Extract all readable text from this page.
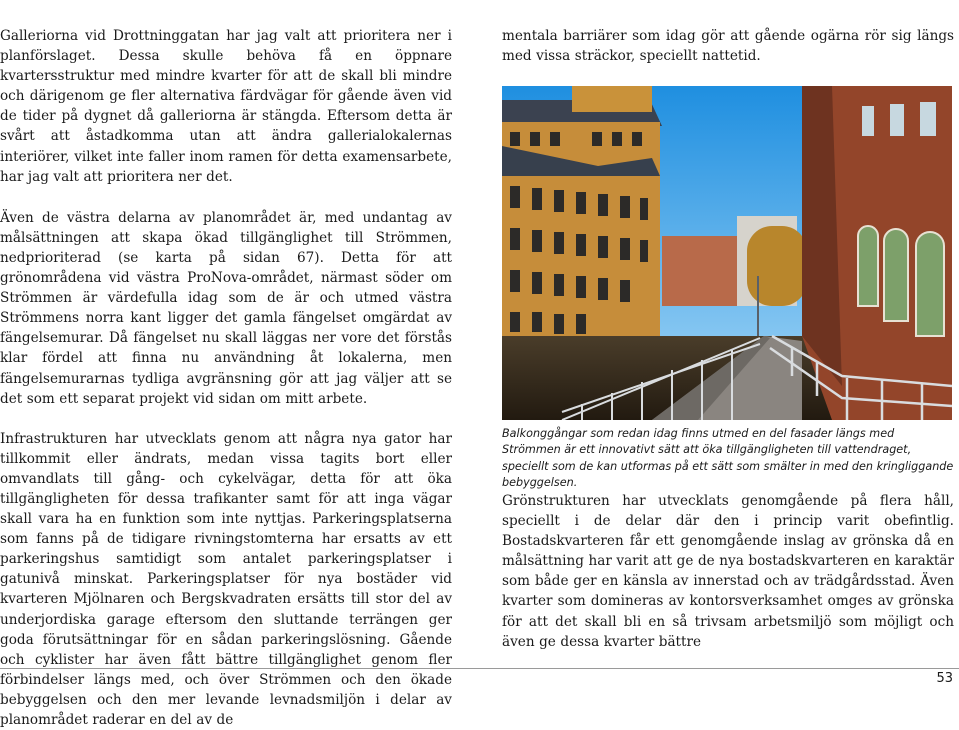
Galleriorna vid Drottninggatan har jag valt att prioritera ner i planförslaget. Dessa skulle behöva få en öppnare kvartersstruktur med mindre kvarter för att de skall bli mindre och därigenom ge fler alternativa färdvägar för gående även vid de tider på dygnet då galleriorna är stängda. Eftersom detta är svårt att åstadkomma utan att ändra gallerialokalernas interiörer, vilket inte faller inom ramen för detta examensarbete, har jag valt att prioritera ner det.

Även de västra delarna av planområdet är, med undantag av målsättningen att skapa ökad tillgänglighet till Strömmen, nedprioriterad (se karta på sidan 67). Detta för att grönområdena vid västra ProNova-området, närmast söder om Strömmen är värdefulla idag som de är och utmed västra Strömmens norra kant ligger det gamla fängelset omgärdat av fängelsemurar. Då fängelset nu skall läggas ner vore det förstås klar fördel att finna nu användning åt lokalerna, men fängelsemurarnas tydliga avgränsning gör att jag väljer att se det som ett separat projekt vid sidan om mitt arbete.

Infrastrukturen har utvecklats genom att några nya gator har tillkommit eller ändrats, medan vissa tagits bort eller omvandlats till gång- och cykelvägar, detta för att öka tillgängligheten för dessa trafikanter samt för att inga vägar skall vara ha en funktion som inte nyttjas. Parkeringsplatserna som fanns på de tidigare rivningstomterna har ersatts av ett parkeringshus samtidigt som antalet parkeringsplatser i gatunivå minskat. Parkeringsplatser för nya bostäder vid kvarteren Mjölnaren och Bergskvadraten ersätts till stor del av underjordiska garage eftersom den sluttande terrängen ger goda förutsättningar för en sådan parkeringslösning. Gående och cyklister har även fått bättre tillgänglighet genom fler förbindelser längs med, och över Strömmen och den ökade bebyggelsen och den mer levande levnadsmiljön i delar av planområdet raderar en del av de

mentala barriärer som idag gör att gående ogärna rör sig längs med vissa sträckor, speciellt nattetid.

Balkonggångar som redan idag finns utmed en del fasader längs med Strömmen är ett innovativt sätt att öka tillgängligheten till vattendraget, speciellt som de kan utformas på ett sätt som smälter in med den kringliggande bebyggelsen.

Grönstrukturen har utvecklats genomgående på flera håll, speciellt i de delar där den i princip varit obefintlig. Bostadskvarteren får ett genomgående inslag av grönska då en målsättning har varit att ge de nya bostadskvarteren en karaktär som både ger en känsla av innerstad och av trädgårdsstad. Även kvarter som domineras av kontorsverksamhet omges av grönska för att det skall bli en så trivsam arbetsmiljö som möjligt och även ge dessa kvarter bättre

53
